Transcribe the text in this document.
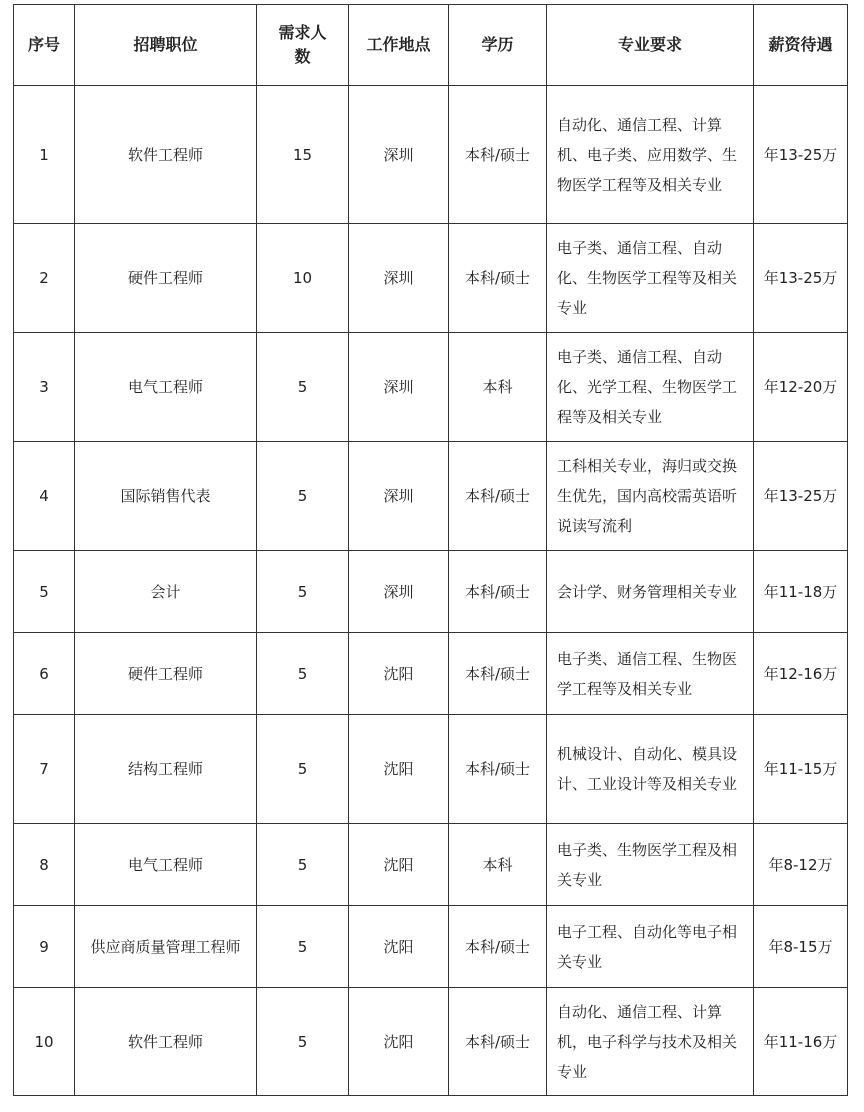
序号	招聘职位	需求人数	工作地点	学历	专业要求	薪资待遇
1	软件工程师	15	深圳	本科/硕士	自动化、通信工程、计算机、电子类、应用数学、生物医学工程等及相关专业	年13-25万
2	硬件工程师	10	深圳	本科/硕士	电子类、通信工程、自动化、生物医学工程等及相关专业	年13-25万
3	电气工程师	5	深圳	本科	电子类、通信工程、自动化、光学工程、生物医学工程等及相关专业	年12-20万
4	国际销售代表	5	深圳	本科/硕士	工科相关专业，海归或交换生优先，国内高校需英语听说读写流利	年13-25万
5	会计	5	深圳	本科/硕士	会计学、财务管理相关专业	年11-18万
6	硬件工程师	5	沈阳	本科/硕士	电子类、通信工程、生物医学工程等及相关专业	年12-16万
7	结构工程师	5	沈阳	本科/硕士	机械设计、自动化、模具设计、工业设计等及相关专业	年11-15万
8	电气工程师	5	沈阳	本科	电子类、生物医学工程及相关专业	年8-12万
9	供应商质量管理工程师	5	沈阳	本科/硕士	电子工程、自动化等电子相关专业	年8-15万
10	软件工程师	5	沈阳	本科/硕士	自动化、通信工程、计算机，电子科学与技术及相关专业	年11-16万
